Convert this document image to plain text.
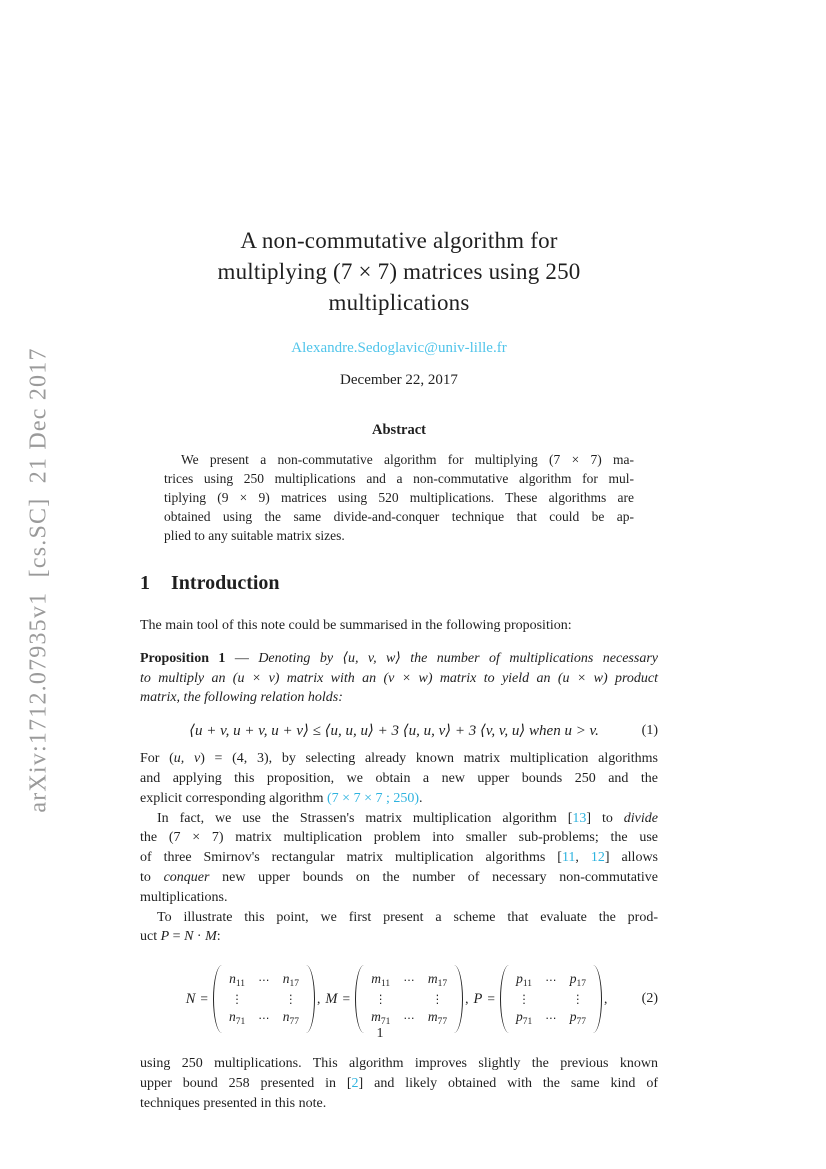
arXiv:1712.07935v1  [cs.SC]  21 Dec 2017
A non-commutative algorithm for
multiplying (7 × 7) matrices using 250
multiplications
Alexandre.Sedoglavic@univ-lille.fr
December 22, 2017
Abstract
We present a non-commutative algorithm for multiplying (7 × 7) ma-
trices using 250 multiplications and a non-commutative algorithm for mul-
tiplying (9 × 9) matrices using 520 multiplications. These algorithms are
obtained using the same divide-and-conquer technique that could be ap-
plied to any suitable matrix sizes.
1 Introduction
The main tool of this note could be summarised in the following proposition:
Proposition 1 — Denoting by ⟨u, v, w⟩ the number of multiplications necessary
to multiply an (u × v) matrix with an (v × w) matrix to yield an (u × w) product
matrix, the following relation holds:
⟨u + v, u + v, u + v⟩ ≤ ⟨u, u, u⟩ + 3 ⟨u, u, v⟩ + 3 ⟨v, v, u⟩ when u > v.	(1)
For (u, v) = (4, 3), by selecting already known matrix multiplication algorithms
and applying this proposition, we obtain a new upper bounds 250 and the
explicit corresponding algorithm (7 × 7 × 7 ; 250).
In fact, we use the Strassen's matrix multiplication algorithm [13] to divide
the (7 × 7) matrix multiplication problem into smaller sub-problems; the use
of three Smirnov's rectangular matrix multiplication algorithms [11, 12] allows
to conquer new upper bounds on the number of necessary non-commutative
multiplications.
To illustrate this point, we first present a scheme that evaluate the prod-
uct P = N · M:
N =
$n_{11}$ ⋯ $n_{17}$
⋮	⋮
$n_{71}$ ⋯ $n_{77}$
, M =
$m_{11}$ ⋯ $m_{17}$
⋮	⋮
$m_{71}$ ⋯ $m_{77}$
, P =
$p_{11}$ ⋯ $p_{17}$
⋮	⋮
$p_{71}$ ⋯ $p_{77}$
,	(2)
using 250 multiplications. This algorithm improves slightly the previous known
upper bound 258 presented in [2] and likely obtained with the same kind of
techniques presented in this note.
1
